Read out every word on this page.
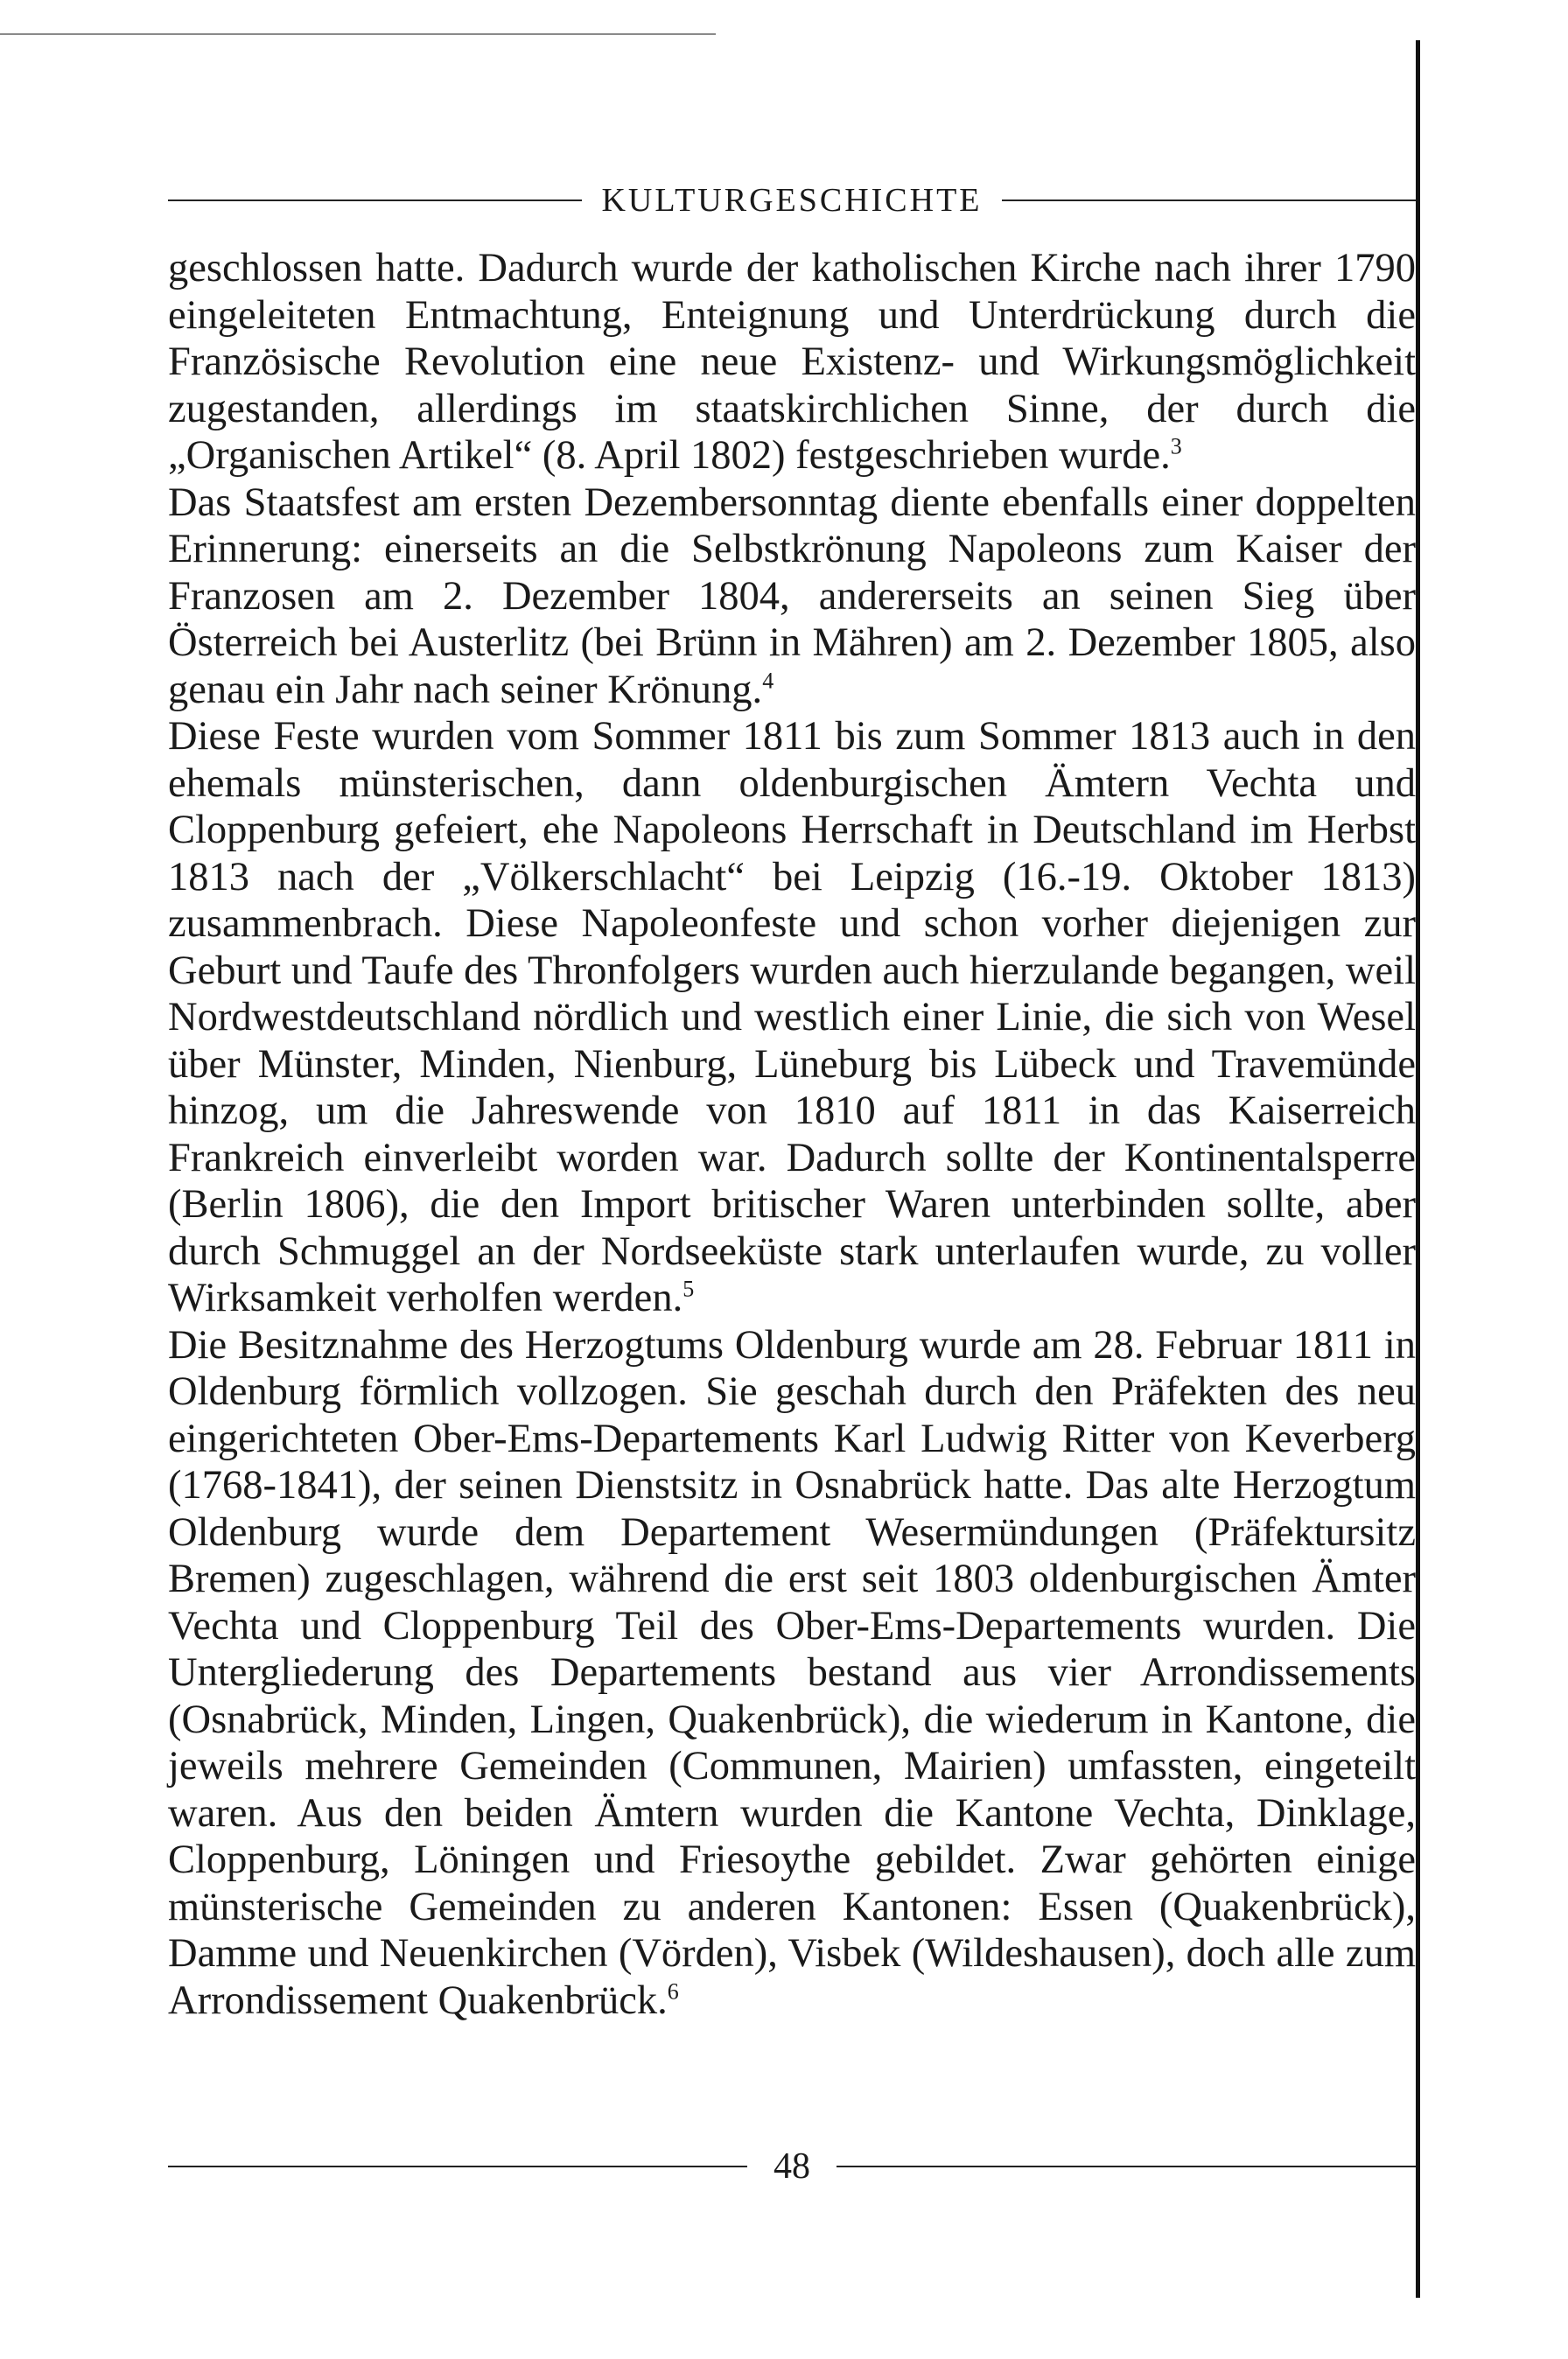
KULTURGESCHICHTE

geschlossen hatte. Dadurch wurde der katholischen Kirche nach ihrer 1790 eingeleiteten Entmachtung, Enteignung und Unterdrückung durch die Französische Revolution eine neue Existenz- und Wirkungsmöglichkeit zugestanden, allerdings im staatskirchlichen Sinne, der durch die „Organischen Artikel“ (8. April 1802) festgeschrieben wurde.$^3$

Das Staatsfest am ersten Dezembersonntag diente ebenfalls einer doppelten Erinnerung: einerseits an die Selbstkrönung Napoleons zum Kaiser der Franzosen am 2. Dezember 1804, andererseits an seinen Sieg über Österreich bei Austerlitz (bei Brünn in Mähren) am 2. Dezember 1805, also genau ein Jahr nach seiner Krönung.$^4$

Diese Feste wurden vom Sommer 1811 bis zum Sommer 1813 auch in den ehemals münsterischen, dann oldenburgischen Ämtern Vechta und Cloppenburg gefeiert, ehe Napoleons Herrschaft in Deutschland im Herbst 1813 nach der „Völkerschlacht“ bei Leipzig (16.-19. Oktober 1813) zusammenbrach. Diese Napoleonfeste und schon vorher diejenigen zur Geburt und Taufe des Thronfolgers wurden auch hierzulande begangen, weil Nordwestdeutschland nördlich und westlich einer Linie, die sich von Wesel über Münster, Minden, Nienburg, Lüneburg bis Lübeck und Travemünde hinzog, um die Jahreswende von 1810 auf 1811 in das Kaiserreich Frankreich einverleibt worden war. Dadurch sollte der Kontinentalsperre (Berlin 1806), die den Import britischer Waren unterbinden sollte, aber durch Schmuggel an der Nordseeküste stark unterlaufen wurde, zu voller Wirksamkeit verholfen werden.$^5$

Die Besitznahme des Herzogtums Oldenburg wurde am 28. Februar 1811 in Oldenburg förmlich vollzogen. Sie geschah durch den Präfekten des neu eingerichteten Ober-Ems-Departements Karl Ludwig Ritter von Keverberg (1768-1841), der seinen Dienstsitz in Osnabrück hatte. Das alte Herzogtum Oldenburg wurde dem Departement Wesermündungen (Präfektursitz Bremen) zugeschlagen, während die erst seit 1803 oldenburgischen Ämter Vechta und Cloppenburg Teil des Ober-Ems-Departements wurden. Die Untergliederung des Departements bestand aus vier Arrondissements (Osnabrück, Minden, Lingen, Quakenbrück), die wiederum in Kantone, die jeweils mehrere Gemeinden (Communen, Mairien) umfassten, eingeteilt waren. Aus den beiden Ämtern wurden die Kantone Vechta, Dinklage, Cloppenburg, Löningen und Friesoythe gebildet. Zwar gehörten einige münsterische Gemeinden zu anderen Kantonen: Essen (Quakenbrück), Damme und Neuenkirchen (Vörden), Visbek (Wildeshausen), doch alle zum Arrondissement Quakenbrück.$^6$

48
